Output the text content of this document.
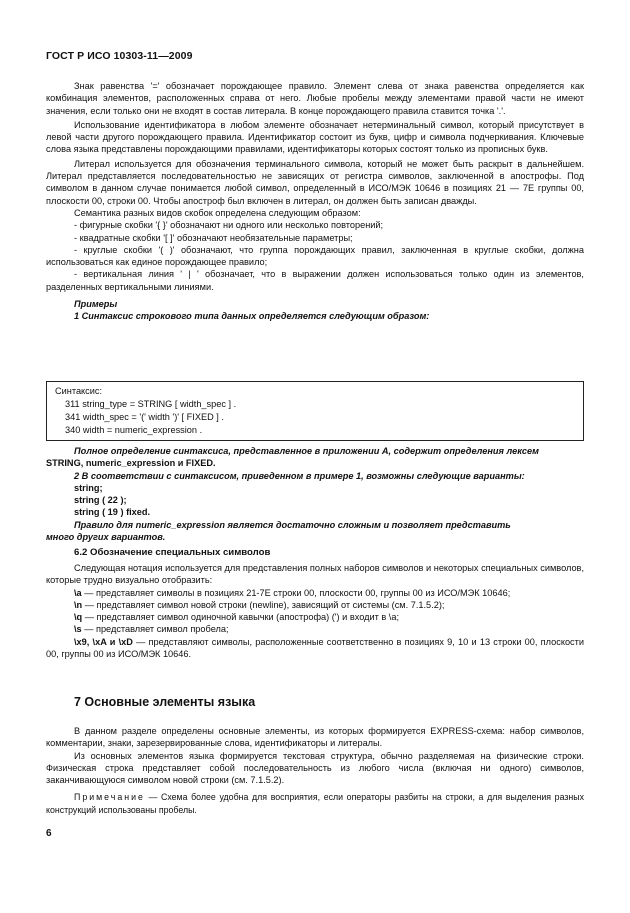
ГОСТ Р ИСО 10303-11—2009

Знак равенства '=' обозначает порождающее правило. Элемент слева от знака равенства определяется как комбинация элементов, расположенных справа от него. Любые пробелы между элементами правой части не имеют значения, если только они не входят в состав литерала. В конце порождающего правила ставится точка '.'.

Использование идентификатора в любом элементе обозначает нетерминальный символ, который присутствует в левой части другого порождающего правила. Идентификатор состоит из букв, цифр и символа подчеркивания. Ключевые слова языка представлены порождающими правилами, идентификаторы которых состоят только из прописных букв.

Литерал используется для обозначения терминального символа, который не может быть раскрыт в дальнейшем. Литерал представляется последовательностью не зависящих от регистра символов, заключенной в апострофы. Под символом в данном случае понимается любой символ, определенный в ИСО/МЭК 10646 в позициях 21 — 7E группы 00, плоскости 00, строки 00. Чтобы апостроф был включен в литерал, он должен быть записан дважды.

Семантика разных видов скобок определена следующим образом:

- фигурные скобки '{ }' обозначают ни одного или несколько повторений;

- квадратные скобки '[ ]' обозначают необязательные параметры;

- круглые скобки '( )' обозначают, что группа порождающих правил, заключенная в круглые скобки, должна использоваться как единое порождающее правило;

- вертикальная линия ' | ' обозначает, что в выражении должен использоваться только один из элементов, разделенных вертикальными линиями.

Примеры

1 Синтаксис строкового типа данных определяется следующим образом:

Синтаксис:

311 string_type = STRING [ width_spec ] .

341 width_spec = '(' width ')' [ FIXED ] .

340 width = numeric_expression .

Полное определение синтаксиса, представленное в приложении А, содержит определения лексем

STRING, numeric_expression и FIXED.

2 В соответствии с синтаксисом, приведенном в примере 1, возможны следующие варианты:

string;

string ( 22 );

string ( 19 ) fixed.

Правило для numeric_expression является достаточно сложным и позволяет представить

много других вариантов.

6.2 Обозначение специальных символов

Следующая нотация используется для представления полных наборов символов и некоторых специальных символов, которые трудно визуально отобразить:

\a — представляет символы в позициях 21-7E строки 00, плоскости 00, группы 00 из ИСО/МЭК 10646;

\n — представляет символ новой строки (newline), зависящий от системы (см. 7.1.5.2);

\q — представляет символ одиночной кавычки (апострофа) (') и входит в \a;

\s — представляет символ пробела;

\x9, \xA и \xD — представляют символы, расположенные соответственно в позициях 9, 10 и 13 строки 00, плоскости 00, группы 00 из ИСО/МЭК 10646.

7 Основные элементы языка

В данном разделе определены основные элементы, из которых формируется EXPRESS-схема: набор символов, комментарии, знаки, зарезервированные слова, идентификаторы и литералы.

Из основных элементов языка формируется текстовая структура, обычно разделяемая на физические строки. Физическая строка представляет собой последовательность из любого числа (включая ни одного) символов, заканчивающуюся символом новой строки (см. 7.1.5.2).

Примечание — Схема более удобна для восприятия, если операторы разбиты на строки, а для выделения разных конструкций использованы пробелы.

6
